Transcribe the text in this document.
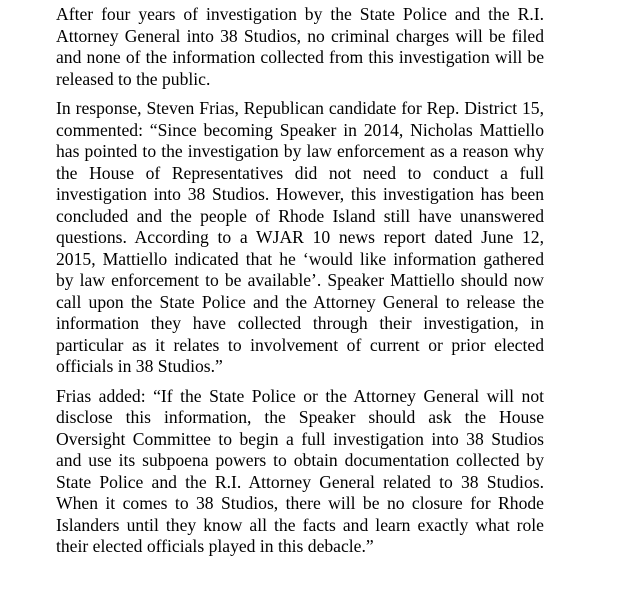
After four years of investigation by the State Police and the R.I. Attorney General into 38 Studios, no criminal charges will be filed and none of the information collected from this investigation will be released to the public.

In response, Steven Frias, Republican candidate for Rep. District 15, commented: “Since becoming Speaker in 2014, Nicholas Mattiello has pointed to the investigation by law enforcement as a reason why the House of Representatives did not need to conduct a full investigation into 38 Studios. However, this investigation has been concluded and the people of Rhode Island still have unanswered questions. According to a WJAR 10 news report dated June 12, 2015, Mattiello indicated that he ‘would like information gathered by law enforcement to be available’. Speaker Mattiello should now call upon the State Police and the Attorney General to release the information they have collected through their investigation, in particular as it relates to involvement of current or prior elected officials in 38 Studios.”

Frias added: “If the State Police or the Attorney General will not disclose this information, the Speaker should ask the House Oversight Committee to begin a full investigation into 38 Studios and use its subpoena powers to obtain documentation collected by State Police and the R.I. Attorney General related to 38 Studios. When it comes to 38 Studios, there will be no closure for Rhode Islanders until they know all the facts and learn exactly what role their elected officials played in this debacle.”
